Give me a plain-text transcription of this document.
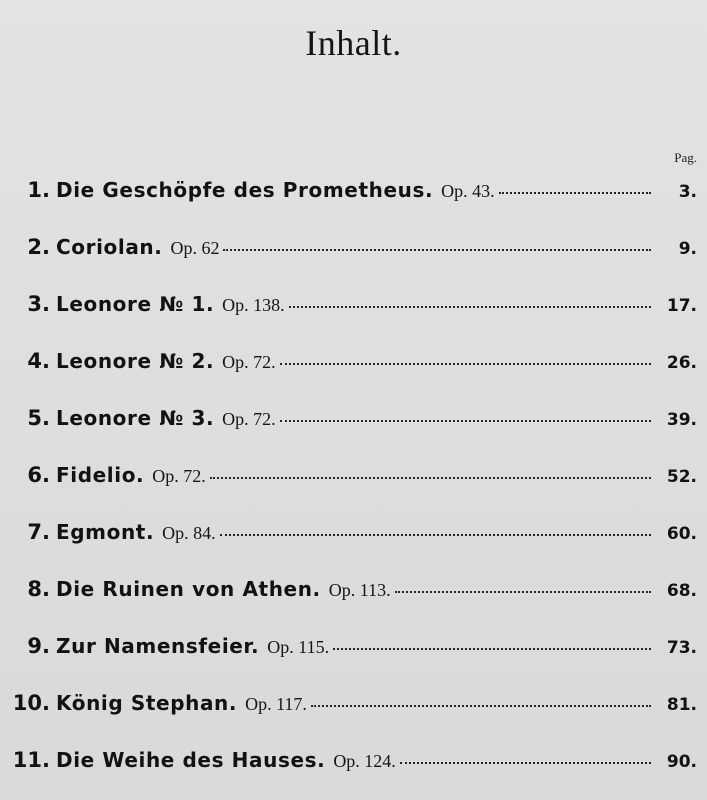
Inhalt.
Pag.
1. Die Geschöpfe des Prometheus. Op. 43.	3.
2. Coriolan. Op. 62	9.
3. Leonore № 1. Op. 138.	17.
4. Leonore № 2. Op. 72.	26.
5. Leonore № 3. Op. 72.	39.
6. Fidelio. Op. 72.	52.
7. Egmont. Op. 84.	60.
8. Die Ruinen von Athen. Op. 113.	68.
9. Zur Namensfeier. Op. 115.	73.
10. König Stephan. Op. 117.	81.
11. Die Weihe des Hauses. Op. 124.	90.
